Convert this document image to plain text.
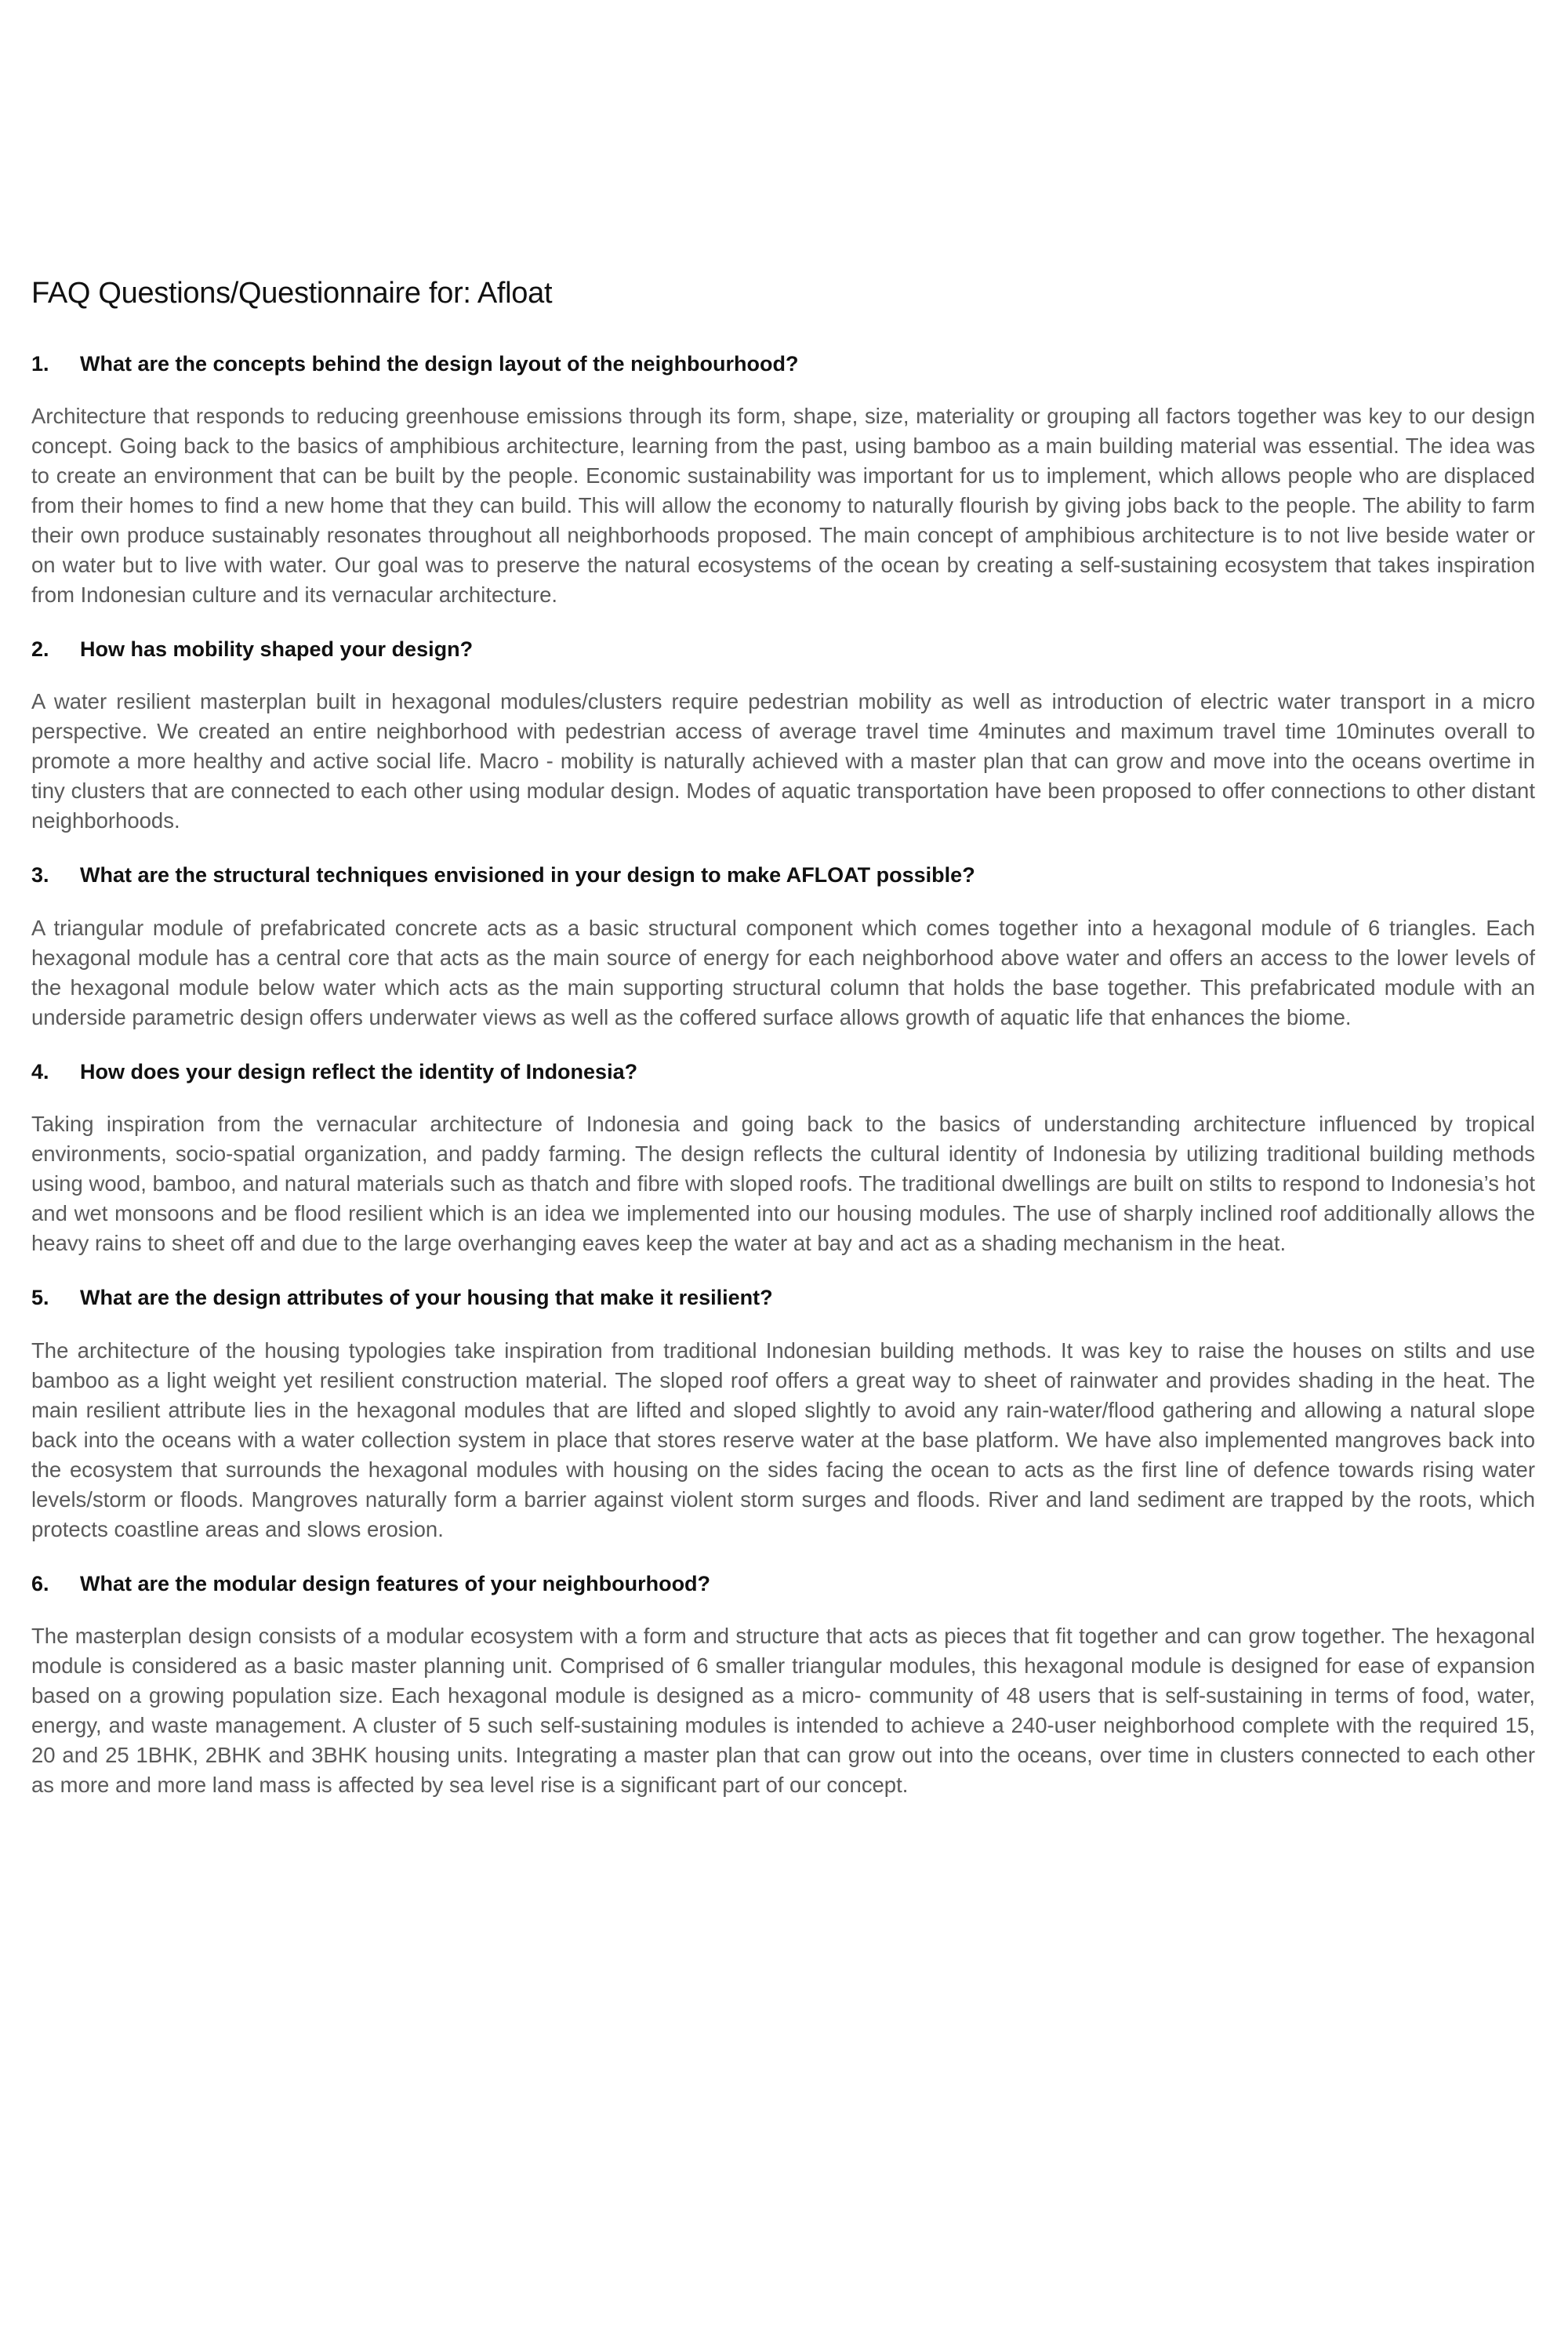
FAQ Questions/Questionnaire for: Afloat
1.	What are the concepts behind the design layout of the neighbourhood?

Architecture that responds to reducing greenhouse emissions through its form, shape, size, materiality or grouping all factors together was key to our design concept. Going back to the basics of amphibious architecture, learning from the past, using bamboo as a main building material was essential. The idea was to create an environment that can be built by the people. Economic sustainability was important for us to implement, which allows people who are displaced from their homes to find a new home that they can build. This will allow the economy to naturally flourish by giving jobs back to the people. The ability to farm their own produce sustainably resonates throughout all neighborhoods proposed. The main concept of amphibious architecture is to not live beside water or on water but to live with water. Our goal was to preserve the natural ecosystems of the ocean by creating a self-sustaining ecosystem that takes inspiration from Indonesian culture and its vernacular architecture.

2.	How has mobility shaped your design?

A water resilient masterplan built in hexagonal modules/clusters require pedestrian mobility as well as introduction of electric water transport in a micro perspective. We created an entire neighborhood with pedestrian access of average travel time 4minutes and maximum travel time 10minutes overall to promote a more healthy and active social life. Macro - mobility is naturally achieved with a master plan that can grow and move into the oceans overtime in tiny clusters that are connected to each other using modular design. Modes of aquatic transportation have been proposed to offer connections to other distant neighborhoods.

3.	What are the structural techniques envisioned in your design to make AFLOAT possible?

A triangular module of prefabricated concrete acts as a basic structural component which comes together into a hexagonal module of 6 triangles. Each hexagonal module has a central core that acts as the main source of energy for each neighborhood above water and offers an access to the lower levels of the hexagonal module below water which acts as the main supporting structural column that holds the base together. This prefabricated module with an underside parametric design offers underwater views as well as the coffered surface allows growth of aquatic life that enhances the biome.

4.	How does your design reflect the identity of Indonesia?

Taking inspiration from the vernacular architecture of Indonesia and going back to the basics of understanding architecture influenced by tropical environments, socio-spatial organization, and paddy farming. The design reflects the cultural identity of Indonesia by utilizing traditional building methods using wood, bamboo, and natural materials such as thatch and fibre with sloped roofs. The traditional dwellings are built on stilts to respond to Indonesia’s hot and wet monsoons and be flood resilient which is an idea we implemented into our housing modules. The use of sharply inclined roof additionally allows the heavy rains to sheet off and due to the large overhanging eaves keep the water at bay and act as a shading mechanism in the heat.

5.	What are the design attributes of your housing that make it resilient?

The architecture of the housing typologies take inspiration from traditional Indonesian building methods. It was key to raise the houses on stilts and use bamboo as a light weight yet resilient construction material. The sloped roof offers a great way to sheet of rainwater and provides shading in the heat. The main resilient attribute lies in the hexagonal modules that are lifted and sloped slightly to avoid any rain-water/flood gathering and allowing a natural slope back into the oceans with a water collection system in place that stores reserve water at the base platform. We have also implemented mangroves back into the ecosystem that surrounds the hexagonal modules with housing on the sides facing the ocean to acts as the first line of defence towards rising water levels/storm or floods. Mangroves naturally form a barrier against violent storm surges and floods. River and land sediment are trapped by the roots, which protects coastline areas and slows erosion.

6.	What are the modular design features of your neighbourhood?

The masterplan design consists of a modular ecosystem with a form and structure that acts as pieces that fit together and can grow together. The hexagonal module is considered as a basic master planning unit. Comprised of 6 smaller triangular modules, this hexagonal module is designed for ease of expansion based on a growing population size. Each hexagonal module is designed as a micro- community of 48 users that is self-sustaining in terms of food, water, energy, and waste management. A cluster of 5 such self-sustaining modules is intended to achieve a 240-user neighborhood complete with the required 15, 20 and 25 1BHK, 2BHK and 3BHK housing units. Integrating a master plan that can grow out into the oceans, over time in clusters connected to each other as more and more land mass is affected by sea level rise is a significant part of our concept.
